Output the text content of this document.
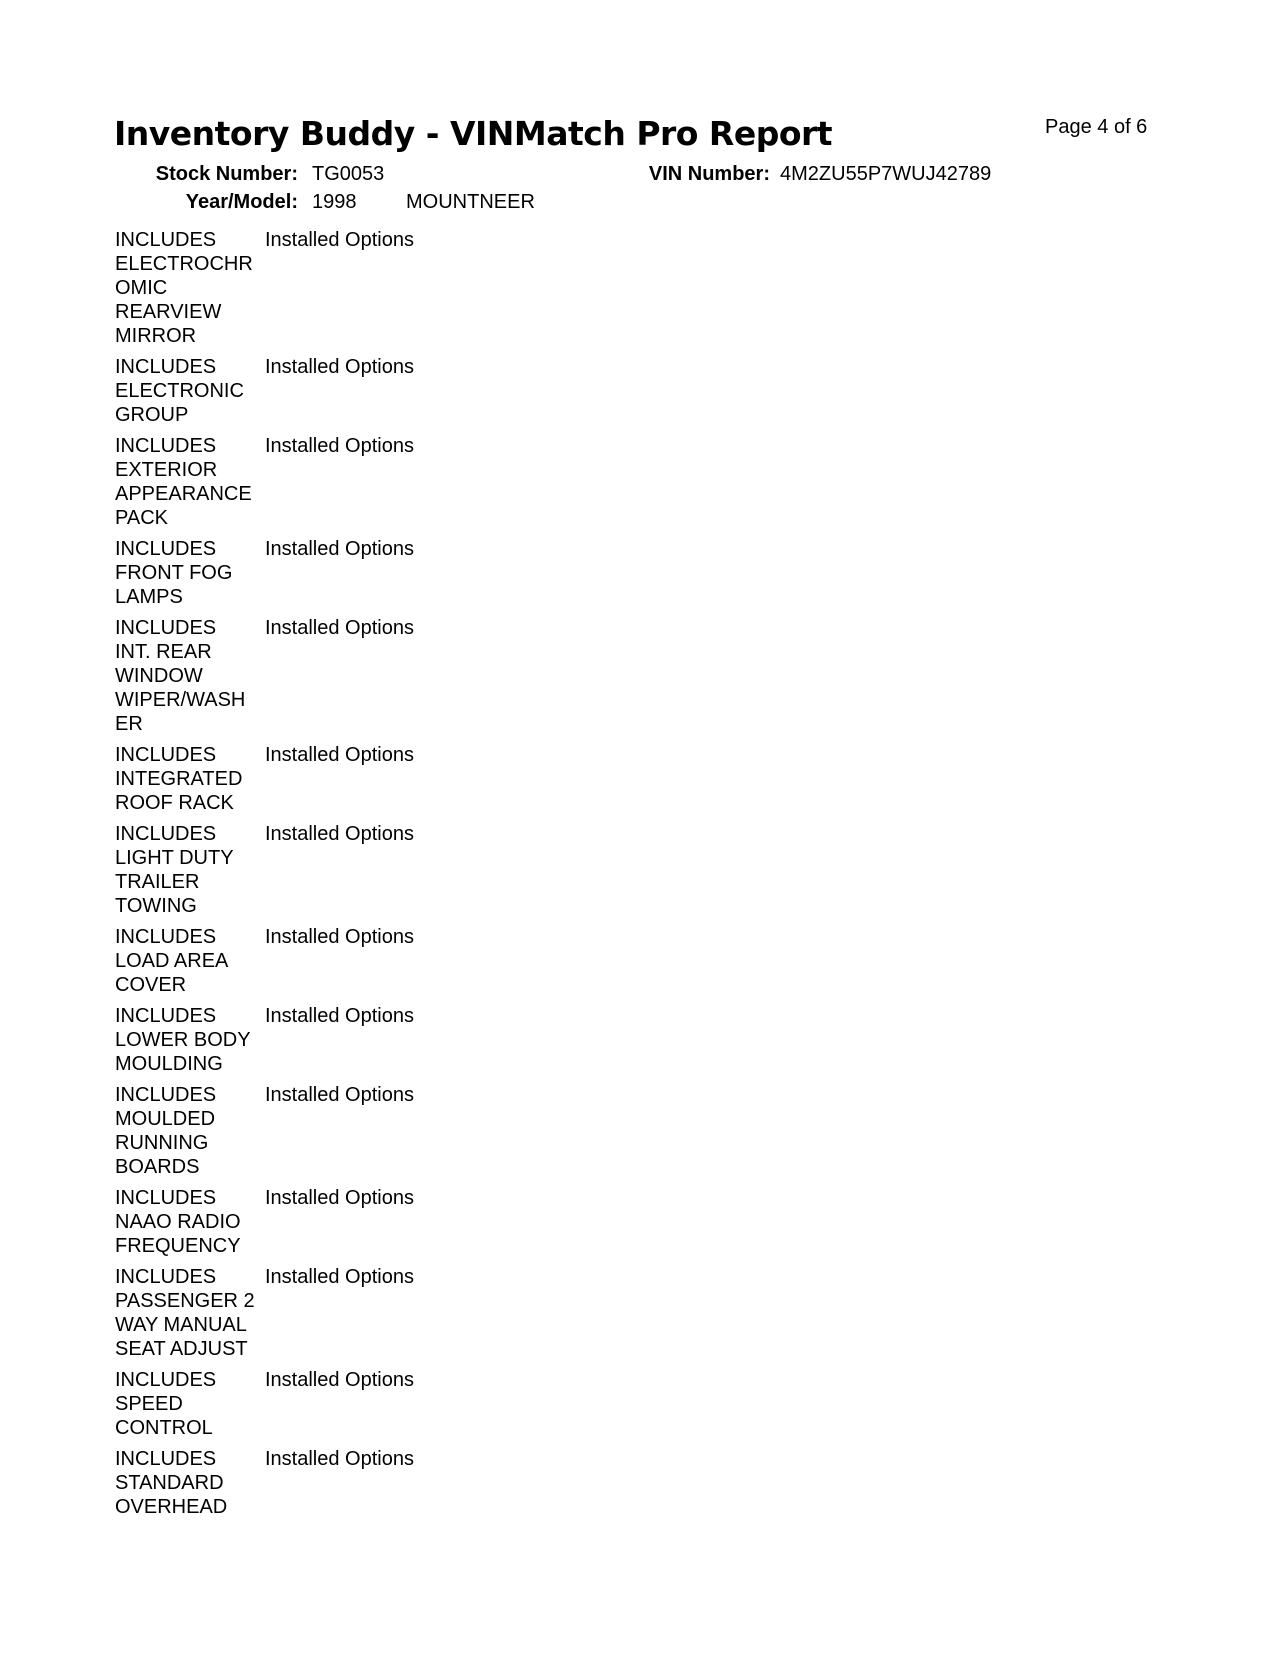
Inventory Buddy - VINMatch Pro Report	Page 4 of 6
Stock Number: TG0053	VIN Number: 4M2ZU55P7WUJ42789
Year/Model: 1998 MOUNTNEER
INCLUDES
ELECTROCHR
OMIC
REARVIEW
MIRROR
Installed Options
INCLUDES
ELECTRONIC
GROUP
Installed Options
INCLUDES
EXTERIOR
APPEARANCE
PACK
Installed Options
INCLUDES
FRONT FOG
LAMPS
Installed Options
INCLUDES
INT. REAR
WINDOW
WIPER/WASH
ER
Installed Options
INCLUDES
INTEGRATED
ROOF RACK
Installed Options
INCLUDES
LIGHT DUTY
TRAILER
TOWING
Installed Options
INCLUDES
LOAD AREA
COVER
Installed Options
INCLUDES
LOWER BODY
MOULDING
Installed Options
INCLUDES
MOULDED
RUNNING
BOARDS
Installed Options
INCLUDES
NAAO RADIO
FREQUENCY
Installed Options
INCLUDES
PASSENGER 2
WAY MANUAL
SEAT ADJUST
Installed Options
INCLUDES
SPEED
CONTROL
Installed Options
INCLUDES
STANDARD
OVERHEAD
Installed Options
